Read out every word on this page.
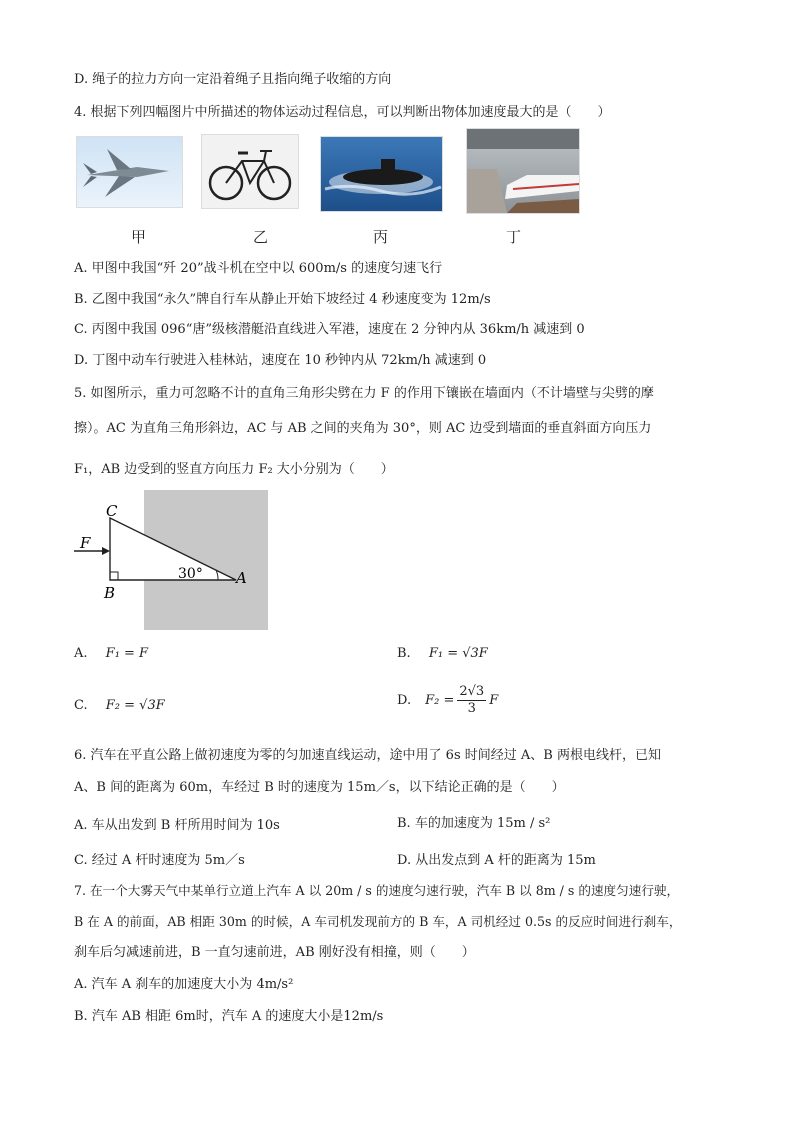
D. 绳子的拉力方向一定沿着绳子且指向绳子收缩的方向
4. 根据下列四幅图片中所描述的物体运动过程信息，可以判断出物体加速度最大的是（　　）
甲	乙	丙	丁
A. 甲图中我国“歼 20”战斗机在空中以 600m/s 的速度匀速飞行
B. 乙图中我国“永久”牌自行车从静止开始下坡经过 4 秒速度变为 12m/s
C. 丙图中我国 096“唐”级核潜艇沿直线进入军港，速度在 2 分钟内从 36km/h 减速到 0
D. 丁图中动车行驶进入桂林站，速度在 10 秒钟内从 72km/h 减速到 0
5. 如图所示，重力可忽略不计的直角三角形尖劈在力 F 的作用下镶嵌在墙面内（不计墙壁与尖劈的摩
擦）。AC 为直角三角形斜边，AC 与 AB 之间的夹角为 30°，则 AC 边受到墙面的垂直斜面方向压力
F₁，AB 边受到的竖直方向压力 F₂ 大小分别为（　　）
C
B
A
F
30°
A. F₁ = F	B. F₁ = √3F
C. F₂ = √3F	D. $F_2 = \frac{2√3}{3}$ F
6. 汽车在平直公路上做初速度为零的匀加速直线运动，途中用了 6s 时间经过 A、B 两根电线杆，已知
A、B 间的距离为 60m，车经过 B 时的速度为 15m／s，以下结论正确的是（　　）
A. 车从出发到 B 杆所用时间为 10s	B. 车的加速度为 15m / s²
C. 经过 A 杆时速度为 5m／s	D. 从出发点到 A 杆的距离为 15m
7. 在一个大雾天气中某单行立道上汽车 A 以 20m / s 的速度匀速行驶，汽车 B 以 8m / s 的速度匀速行驶，
B 在 A 的前面，AB 相距 30m 的时候，A 车司机发现前方的 B 车，A 司机经过 0.5s 的反应时间进行刹车，
刹车后匀减速前进，B 一直匀速前进，AB 刚好没有相撞，则（　　）
A. 汽车 A 刹车的加速度大小为 4m/s²
B. 汽车 AB 相距 6m时，汽车 A 的速度大小是12m/s
